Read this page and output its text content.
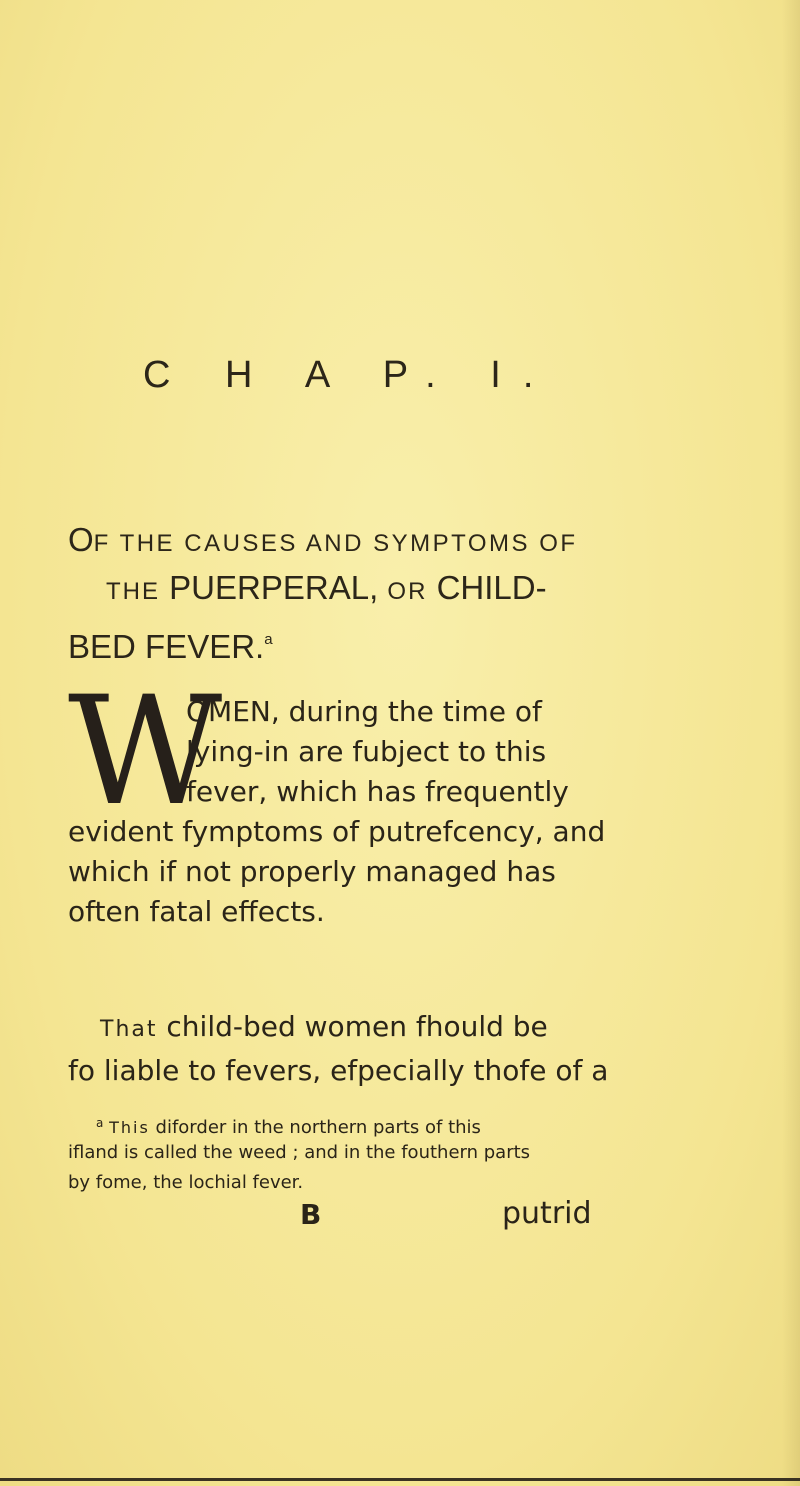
C H A P. I.
OF THE CAUSES AND SYMPTOMS OF
THE PUERPERAL, OR CHILD-
BED FEVER.$^a$
W
OMEN, during the time of
lying-in are fubject to this
fever, which has frequently
evident fymptoms of putrefcency, and
which if not properly managed has
often fatal effects.
That child-bed women fhould be
fo liable to fevers, efpecially thofe of a
$^a$ This diforder in the northern parts of this
ifland is called the weed ; and in the fouthern parts
by fome, the lochial fever.
B	putrid
